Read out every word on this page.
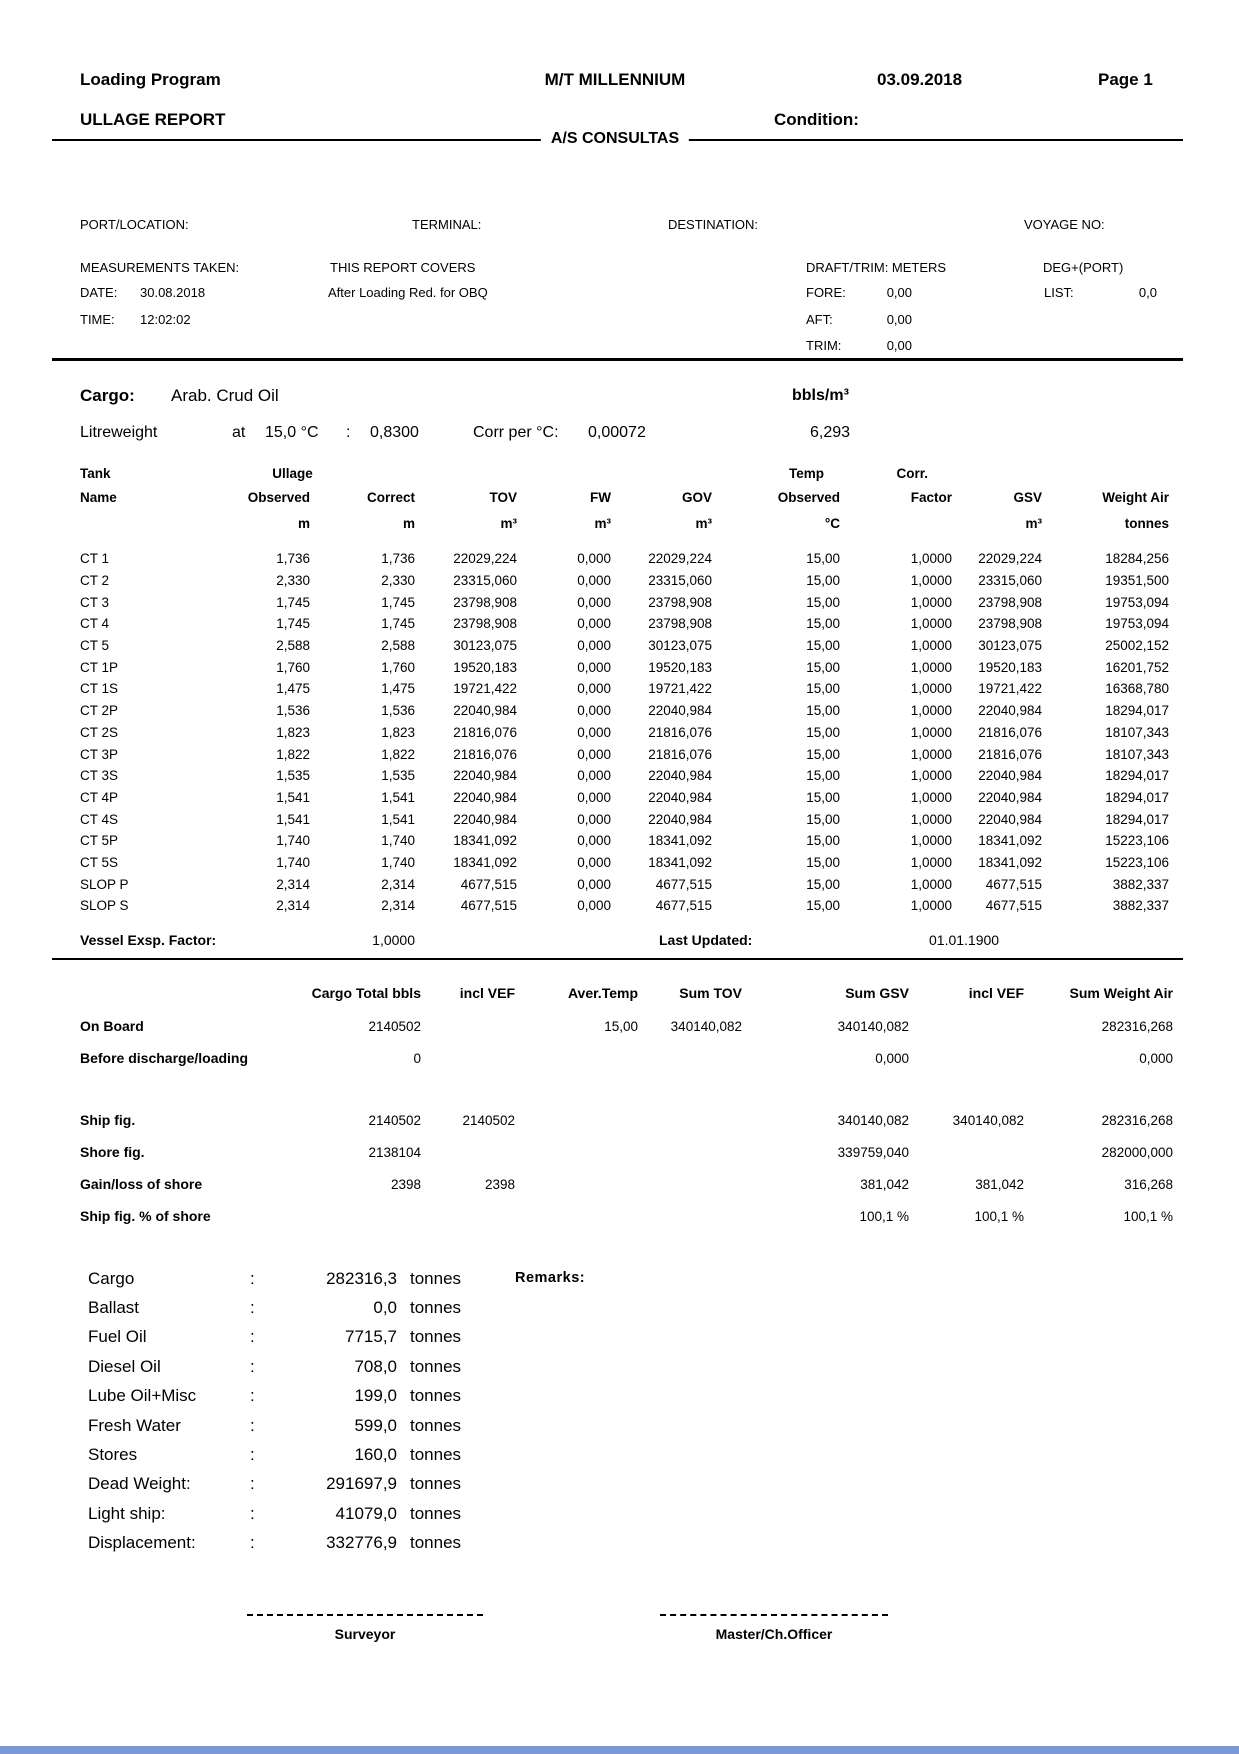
Loading Program	M/T MILLENNIUM	03.09.2018	Page 1
ULLAGE REPORT	Condition:
A/S CONSULTAS
PORT/LOCATION:	TERMINAL:	DESTINATION:	VOYAGE NO:
MEASUREMENTS TAKEN:	THIS REPORT COVERS	DRAFT/TRIM: METERS	DEG+(PORT)
DATE: 30.08.2018	After Loading Red. for OBQ	FORE:	0,00	LIST:	0,0
TIME: 12:02:02	AFT:	0,00
TRIM:	0,00
Cargo: Arab. Crud Oil	bbls/m³
Litreweight	at 15,0 °C : 0,8300	Corr per °C: 0,00072	6,293
Tank	Ullage					Temp	Corr.		
Name	Observed	Correct	TOV	FW	GOV	Observed	Factor	GSV	Weight Air
	m	m	m³	m³	m³	°C		m³	tonnes

CT 1	1,736	1,736	22029,224	0,000	22029,224	15,00	1,0000	22029,224	18284,256
CT 2	2,330	2,330	23315,060	0,000	23315,060	15,00	1,0000	23315,060	19351,500
CT 3	1,745	1,745	23798,908	0,000	23798,908	15,00	1,0000	23798,908	19753,094
CT 4	1,745	1,745	23798,908	0,000	23798,908	15,00	1,0000	23798,908	19753,094
CT 5	2,588	2,588	30123,075	0,000	30123,075	15,00	1,0000	30123,075	25002,152
CT 1P	1,760	1,760	19520,183	0,000	19520,183	15,00	1,0000	19520,183	16201,752
CT 1S	1,475	1,475	19721,422	0,000	19721,422	15,00	1,0000	19721,422	16368,780
CT 2P	1,536	1,536	22040,984	0,000	22040,984	15,00	1,0000	22040,984	18294,017
CT 2S	1,823	1,823	21816,076	0,000	21816,076	15,00	1,0000	21816,076	18107,343
CT 3P	1,822	1,822	21816,076	0,000	21816,076	15,00	1,0000	21816,076	18107,343
CT 3S	1,535	1,535	22040,984	0,000	22040,984	15,00	1,0000	22040,984	18294,017
CT 4P	1,541	1,541	22040,984	0,000	22040,984	15,00	1,0000	22040,984	18294,017
CT 4S	1,541	1,541	22040,984	0,000	22040,984	15,00	1,0000	22040,984	18294,017
CT 5P	1,740	1,740	18341,092	0,000	18341,092	15,00	1,0000	18341,092	15223,106
CT 5S	1,740	1,740	18341,092	0,000	18341,092	15,00	1,0000	18341,092	15223,106
SLOP P	2,314	2,314	4677,515	0,000	4677,515	15,00	1,0000	4677,515	3882,337
SLOP S	2,314	2,314	4677,515	0,000	4677,515	15,00	1,0000	4677,515	3882,337
Vessel Exsp. Factor:	1,0000	Last Updated:	01.01.1900
	Cargo Total bbls	incl VEF	Aver.Temp	Sum TOV	Sum GSV	incl VEF	Sum Weight Air
On Board	2140502		15,00	340140,082	340140,082		282316,268
Before discharge/loading	0				0,000		0,000

Ship fig.	2140502	2140502			340140,082	340140,082	282316,268
Shore fig.	2138104				339759,040		282000,000
Gain/loss of shore	2398	2398			381,042	381,042	316,268
Ship fig. % of shore					100,1 %	100,1 %	100,1 %
Cargo	:	282316,3	tonnes
Ballast	:	0,0	tonnes
Fuel Oil	:	7715,7	tonnes
Diesel Oil	:	708,0	tonnes
Lube Oil+Misc	:	199,0	tonnes
Fresh Water	:	599,0	tonnes
Stores	:	160,0	tonnes
Dead Weight:	:	291697,9	tonnes
Light ship:	:	41079,0	tonnes
Displacement:	:	332776,9	tonnes
Remarks:
Surveyor	Master/Ch.Officer
